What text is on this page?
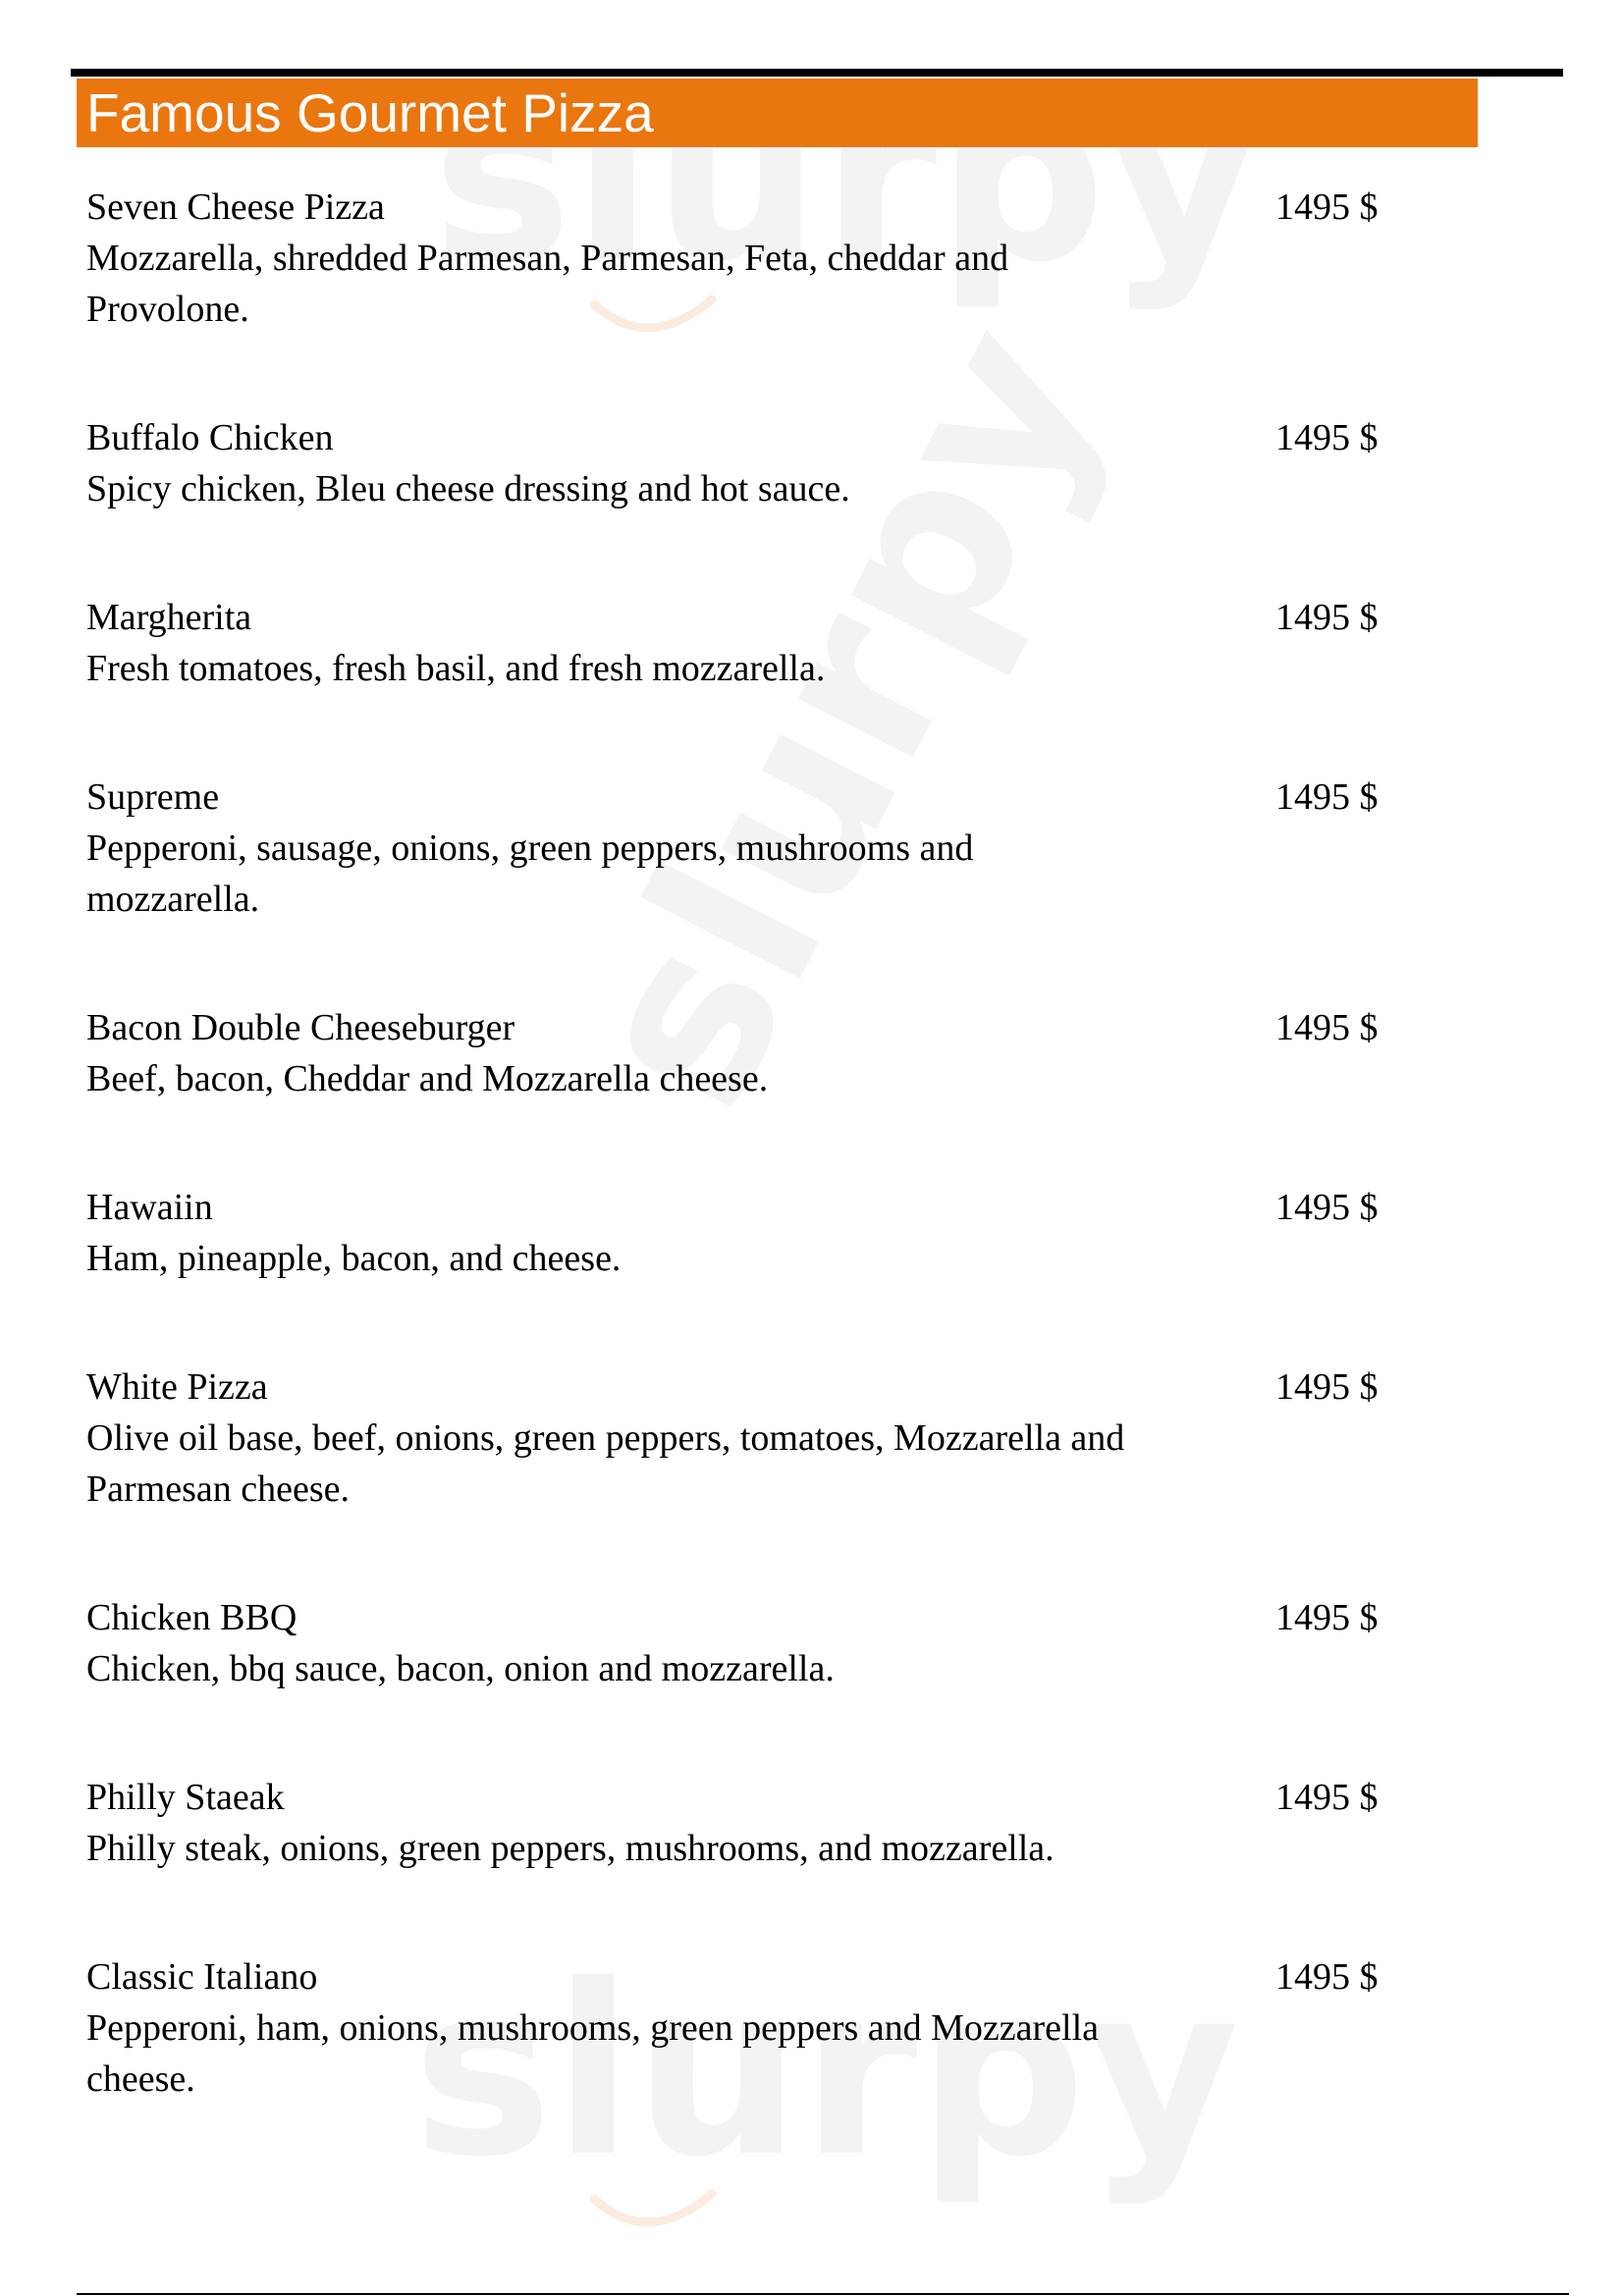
Famous Gourmet Pizza
Seven Cheese Pizza	1495 $
Mozzarella, shredded Parmesan, Parmesan, Feta, cheddar and
Provolone.
Buffalo Chicken	1495 $
Spicy chicken, Bleu cheese dressing and hot sauce.
Margherita	1495 $
Fresh tomatoes, fresh basil, and fresh mozzarella.
Supreme	1495 $
Pepperoni, sausage, onions, green peppers, mushrooms and
mozzarella.
Bacon Double Cheeseburger	1495 $
Beef, bacon, Cheddar and Mozzarella cheese.
Hawaiin	1495 $
Ham, pineapple, bacon, and cheese.
White Pizza	1495 $
Olive oil base, beef, onions, green peppers, tomatoes, Mozzarella and
Parmesan cheese.
Chicken BBQ	1495 $
Chicken, bbq sauce, bacon, onion and mozzarella.
Philly Staeak	1495 $
Philly steak, onions, green peppers, mushrooms, and mozzarella.
Classic Italiano	1495 $
Pepperoni, ham, onions, mushrooms, green peppers and Mozzarella
cheese.
